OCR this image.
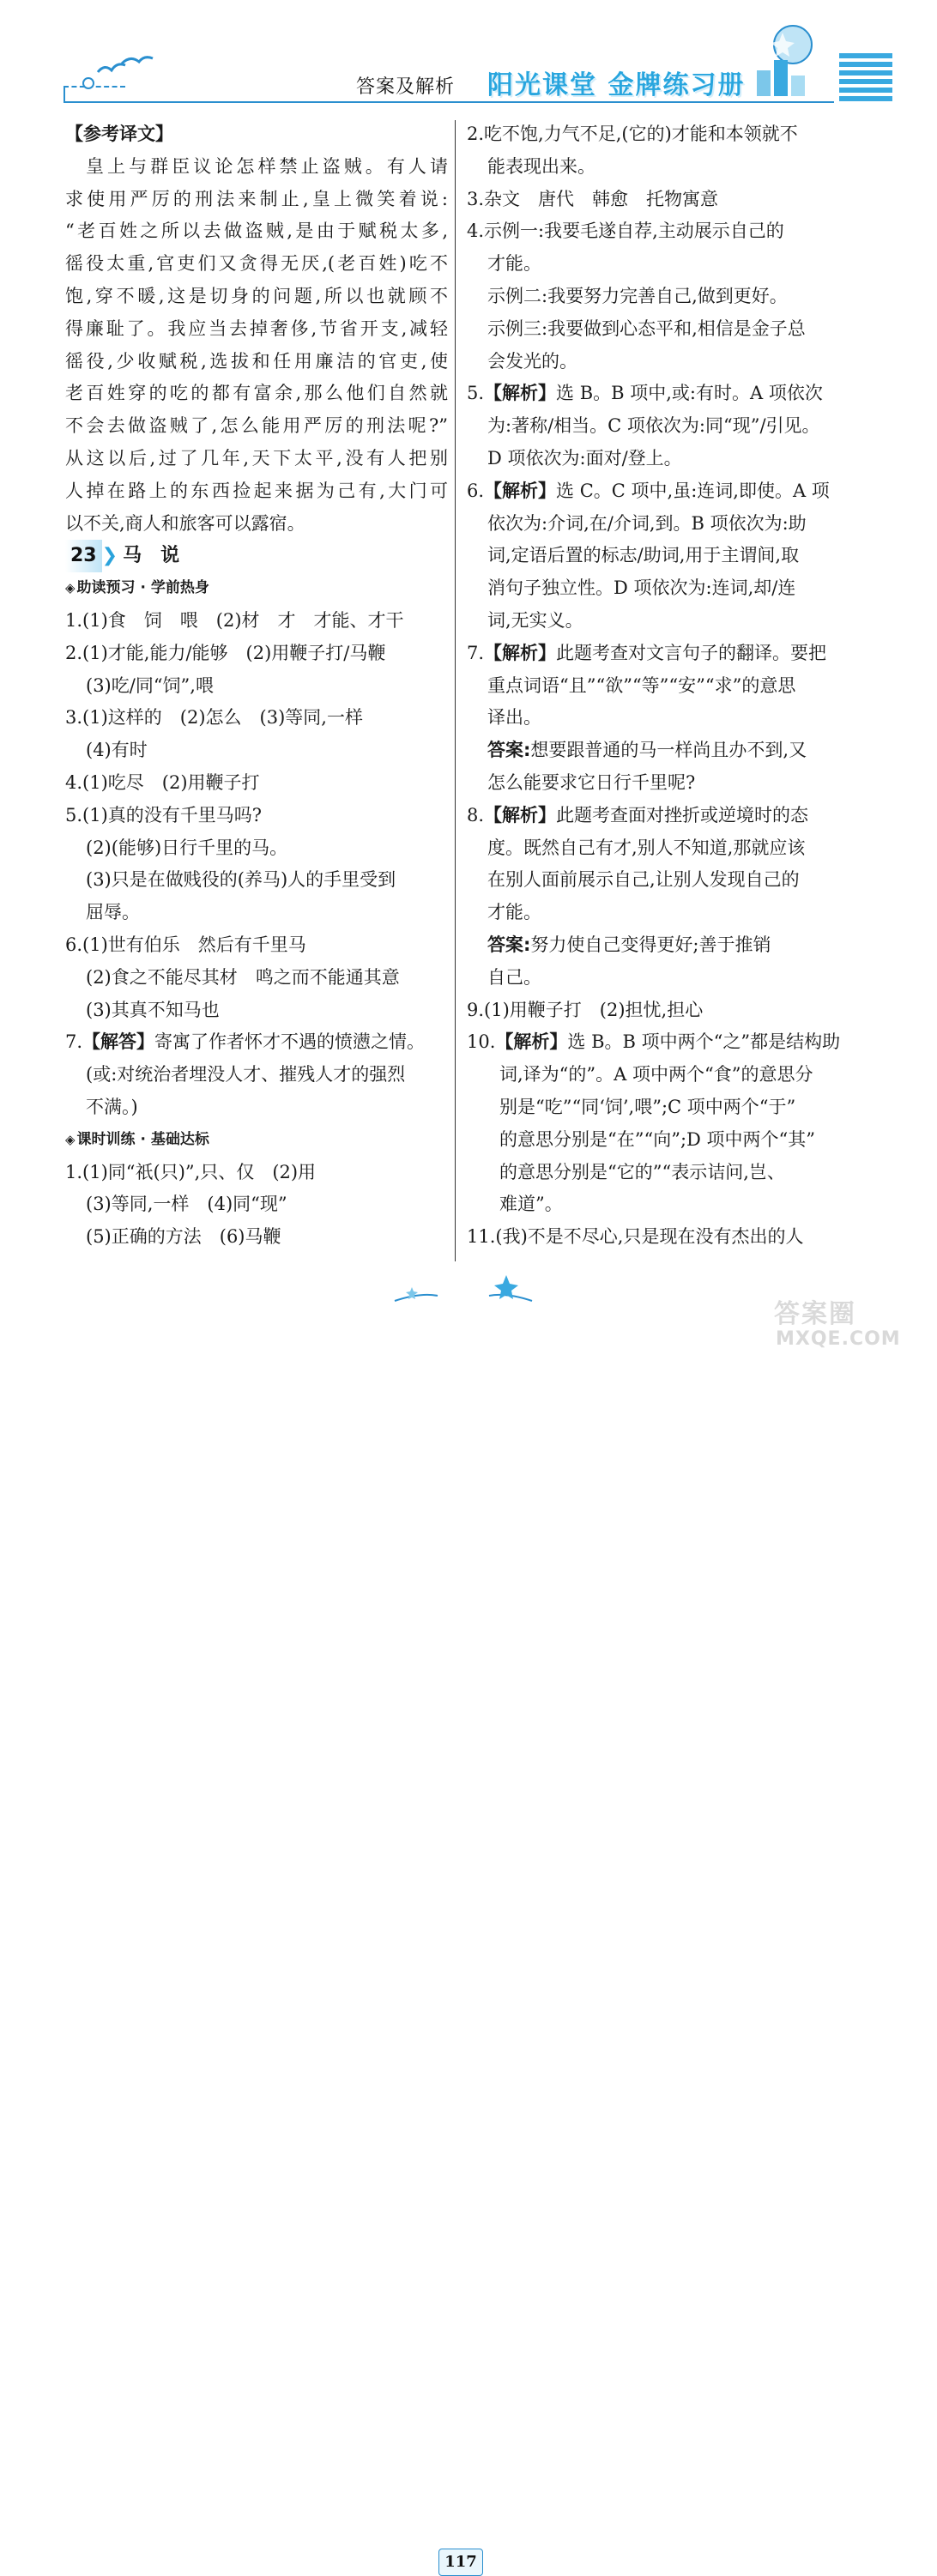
答案及解析 阳光课堂 金牌练习册

【参考译文】

皇上与群臣议论怎样禁止盗贼。有人请

求使用严厉的刑法来制止,皇上微笑着说:

“老百姓之所以去做盗贼,是由于赋税太多,

徭役太重,官吏们又贪得无厌,(老百姓)吃不

饱,穿不暖,这是切身的问题,所以也就顾不

得廉耻了。我应当去掉奢侈,节省开支,减轻

徭役,少收赋税,选拔和任用廉洁的官吏,使

老百姓穿的吃的都有富余,那么他们自然就

不会去做盗贼了,怎么能用严厉的刑法呢?”

从这以后,过了几年,天下太平,没有人把别

人掉在路上的东西捡起来据为己有,大门可

以不关,商人和旅客可以露宿。

23 ❯ 马　说

◈ 助读预习 · 学前热身

1.(1)食　饲　喂　(2)材　才　才能、才干

2.(1)才能,能力/能够　(2)用鞭子打/马鞭

(3)吃/同“饲”,喂

3.(1)这样的　(2)怎么　(3)等同,一样

(4)有时

4.(1)吃尽　(2)用鞭子打

5.(1)真的没有千里马吗?

(2)(能够)日行千里的马。

(3)只是在做贱役的(养马)人的手里受到

屈辱。

6.(1)世有伯乐　然后有千里马

(2)食之不能尽其材　鸣之而不能通其意

(3)其真不知马也

7.【解答】寄寓了作者怀才不遇的愤懑之情。

(或:对统治者埋没人才、摧残人才的强烈

不满。)

◈ 课时训练 · 基础达标

1.(1)同“祇(只)”,只、仅　(2)用

(3)等同,一样　(4)同“现”

(5)正确的方法　(6)马鞭

2.吃不饱,力气不足,(它的)才能和本领就不

能表现出来。

3.杂文　唐代　韩愈　托物寓意

4.示例一:我要毛遂自荐,主动展示自己的

才能。

示例二:我要努力完善自己,做到更好。

示例三:我要做到心态平和,相信是金子总

会发光的。

5.【解析】选 B。B 项中,或:有时。A 项依次

为:著称/相当。C 项依次为:同“现”/引见。

D 项依次为:面对/登上。

6.【解析】选 C。C 项中,虽:连词,即使。A 项

依次为:介词,在/介词,到。B 项依次为:助

词,定语后置的标志/助词,用于主谓间,取

消句子独立性。D 项依次为:连词,却/连

词,无实义。

7.【解析】此题考查对文言句子的翻译。要把

重点词语“且”“欲”“等”“安”“求”的意思

译出。

答案:想要跟普通的马一样尚且办不到,又

怎么能要求它日行千里呢?

8.【解析】此题考查面对挫折或逆境时的态

度。既然自己有才,别人不知道,那就应该

在别人面前展示自己,让别人发现自己的

才能。

答案:努力使自己变得更好;善于推销

自己。

9.(1)用鞭子打　(2)担忧,担心

10.【解析】选 B。B 项中两个“之”都是结构助

词,译为“的”。A 项中两个“食”的意思分

别是“吃”“同‘饲’,喂”;C 项中两个“于”

的意思分别是“在”“向”;D 项中两个“其”

的意思分别是“它的”“表示诘问,岂、

难道”。

11.(我)不是不尽心,只是现在没有杰出的人

117
答案圈
MXQE.COM
